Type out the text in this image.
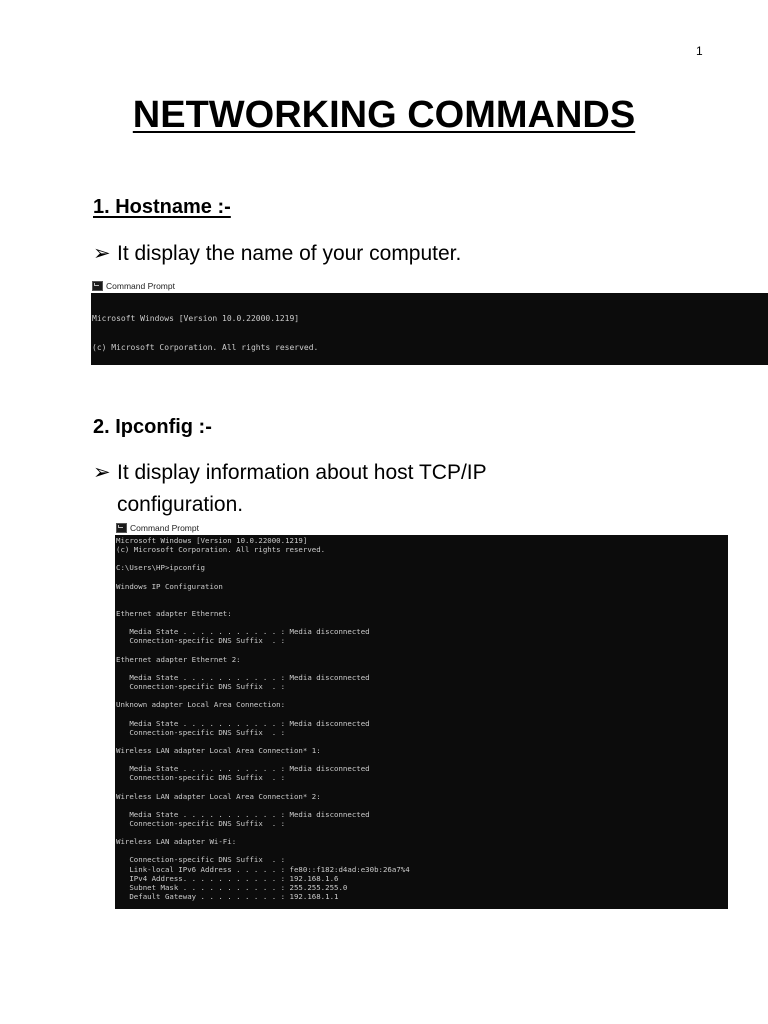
1
NETWORKING COMMANDS
1. Hostname :-

➢ It display the name of your computer.

Command Prompt

Microsoft Windows [Version 10.0.22000.1219]

(c) Microsoft Corporation. All rights reserved.

2. Ipconfig :-

➢ It display information about host TCP/IP

configuration.

Command Prompt
Microsoft Windows [Version 10.0.22000.1219]
(c) Microsoft Corporation. All rights reserved.

C:\Users\HP>ipconfig

Windows IP Configuration

Ethernet adapter Ethernet:

Media State . . . . . . . . . . . : Media disconnected
Connection-specific DNS Suffix  . :

Ethernet adapter Ethernet 2:

Media State . . . . . . . . . . . : Media disconnected
Connection-specific DNS Suffix  . :

Unknown adapter Local Area Connection:

Media State . . . . . . . . . . . : Media disconnected
Connection-specific DNS Suffix  . :

Wireless LAN adapter Local Area Connection* 1:

Media State . . . . . . . . . . . : Media disconnected
Connection-specific DNS Suffix  . :

Wireless LAN adapter Local Area Connection* 2:

Media State . . . . . . . . . . . : Media disconnected
Connection-specific DNS Suffix  . :

Wireless LAN adapter Wi-Fi:

Connection-specific DNS Suffix  . :
Link-local IPv6 Address . . . . . : fe80::f182:d4ad:e30b:26a7%4
IPv4 Address. . . . . . . . . . . : 192.168.1.6
Subnet Mask . . . . . . . . . . . : 255.255.255.0
Default Gateway . . . . . . . . . : 192.168.1.1
